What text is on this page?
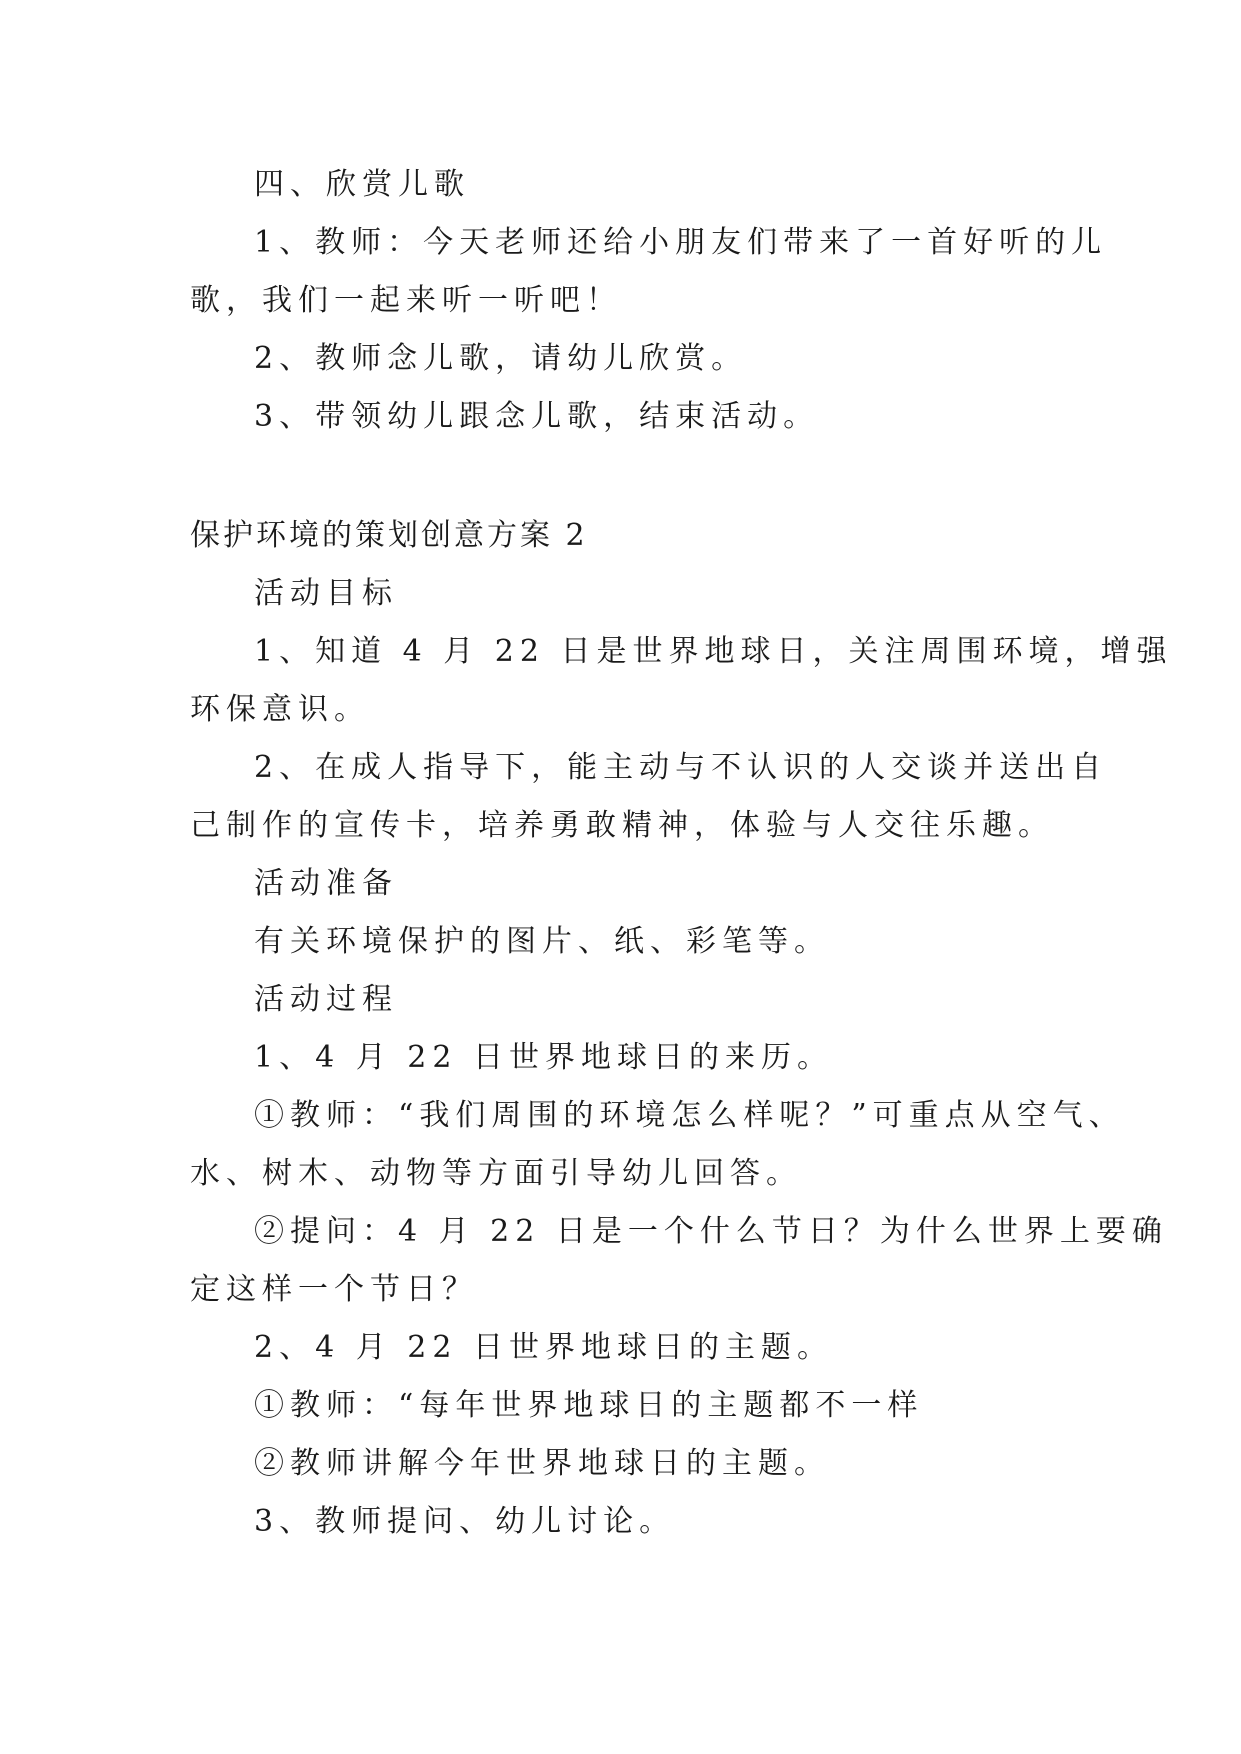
四、欣赏儿歌
1、教师：今天老师还给小朋友们带来了一首好听的儿
歌，我们一起来听一听吧！
2、教师念儿歌，请幼儿欣赏。
3、带领幼儿跟念儿歌，结束活动。
保护环境的策划创意方案 2
活动目标
1、知道 4 月 22 日是世界地球日，关注周围环境，增强
环保意识。
2、在成人指导下，能主动与不认识的人交谈并送出自
己制作的宣传卡，培养勇敢精神，体验与人交往乐趣。
活动准备
有关环境保护的图片、纸、彩笔等。
活动过程
1、4 月 22 日世界地球日的来历。
①教师：“我们周围的环境怎么样呢？”可重点从空气、
水、树木、动物等方面引导幼儿回答。
②提问：4 月 22 日是一个什么节日？为什么世界上要确
定这样一个节日？
2、4 月 22 日世界地球日的主题。
①教师：“每年世界地球日的主题都不一样
②教师讲解今年世界地球日的主题。
3、教师提问、幼儿讨论。
